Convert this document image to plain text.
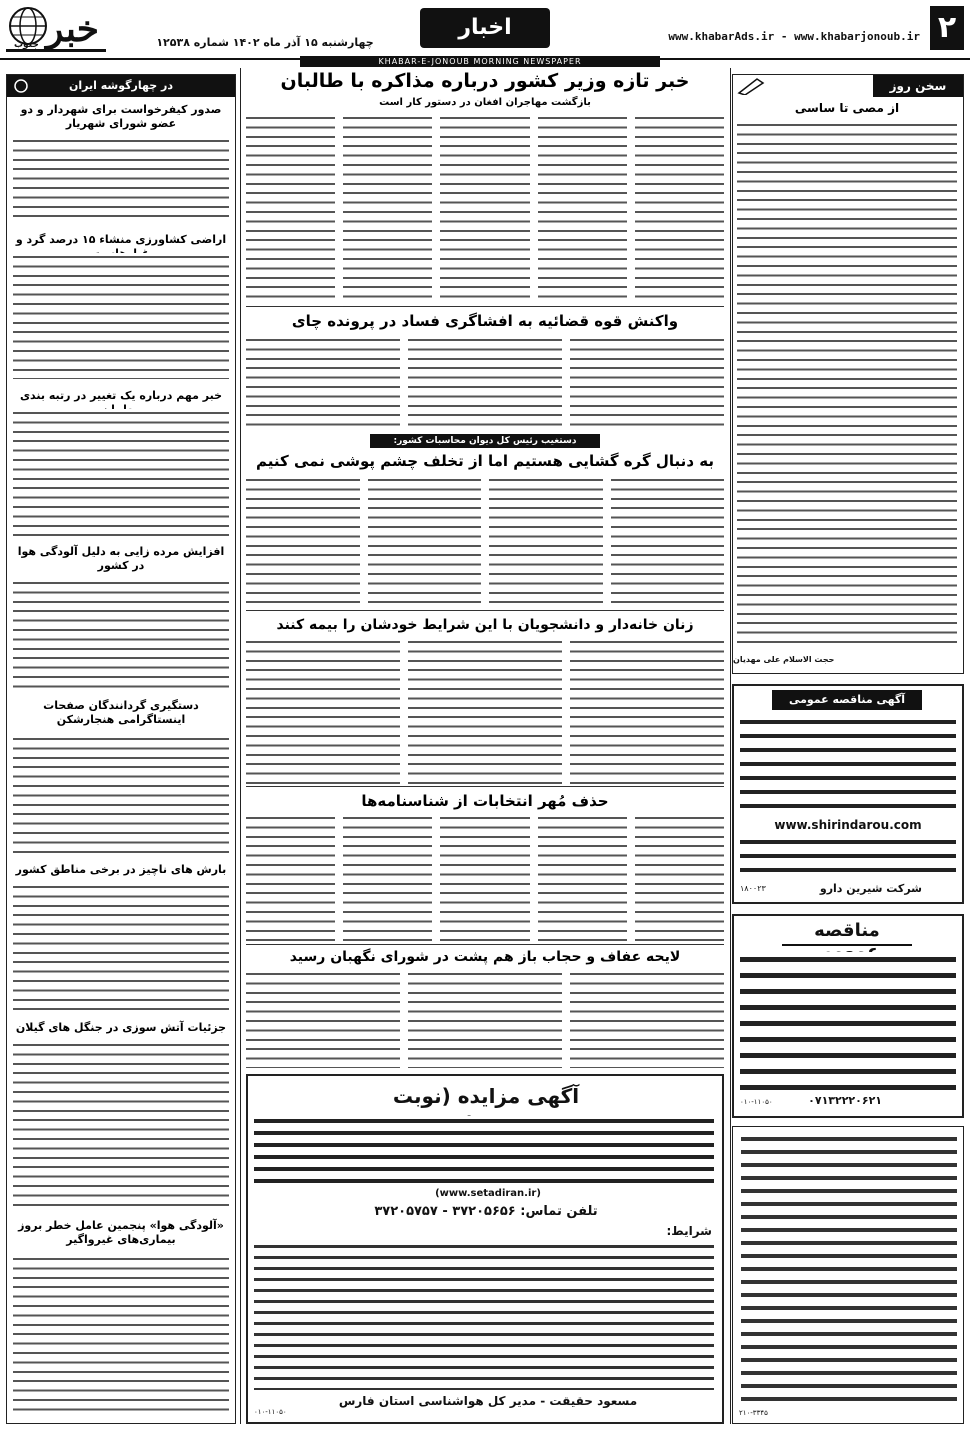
۲
www.khabarAds.ir - www.khabarjonoub.ir
اخبار
چهارشنبه ۱۵ آذر ماه ۱۴۰۲ شماره ۱۲۵۳۸
خبر
جنوب
KHABAR-E-JONOUB MORNING NEWSPAPER
سخن روز
از مصی تا ساسی
حجت الاسلام علی مهدیان
آگهی مناقصه عمومی
www.shirindarou.com
شرکت شیرین دارو
۱۸۰۰۲۳
مناقصه
۰۷۱۳۲۲۲۰۶۲۱
۰۱۰-۱۱۰۵۰
۲۱۰-۳۳۴۵
در چهارگوشه ایران
صدور کیفرخواست برای شهردار و دو عضو شورای شهریار
اراضی کشاورزی منشاء ۱۵ درصد گرد و
خبر مهم درباره یک تغییر در رتبه بندی
افزایش مرده زایی به دلیل آلودگی هوا در کشور
دستگیری گردانندگان صفحات اینستاگرامی هنجارشکن
بارش های ناچیز در برخی مناطق کشور
جزئیات آتش سوزی در جنگل های گیلان
«آلودگی هوا» پنجمین عامل خطر بروز بیماری‌های غیرواگیر
خبر تازه وزیر کشور درباره مذاکره با طالبان
بازگشت مهاجران افغان در دستور کار است
واکنش قوه قضائیه به افشاگری فساد در پرونده چای
دستغیب رئیس کل دیوان محاسبات کشور:
به دنبال گره گشایی هستیم اما از تخلف چشم پوشی نمی کنیم
زنان خانه‌دار و دانشجویان با این شرایط خودشان را بیمه کنند
حذف مُهر انتخابات از شناسنامه‌ها
لایحه عفاف و حجاب باز هم پشت در شورای نگهبان رسید
آگهی مزایده (نوبت
(www.setadiran.ir)
تلفن تماس: ۳۷۲۰۵۶۵۶ - ۳۷۲۰۵۷۵۷
شرایط:
مسعود حقیقت - مدیر کل هواشناسی استان فارس
۰۱۰-۱۱۰۵۰
